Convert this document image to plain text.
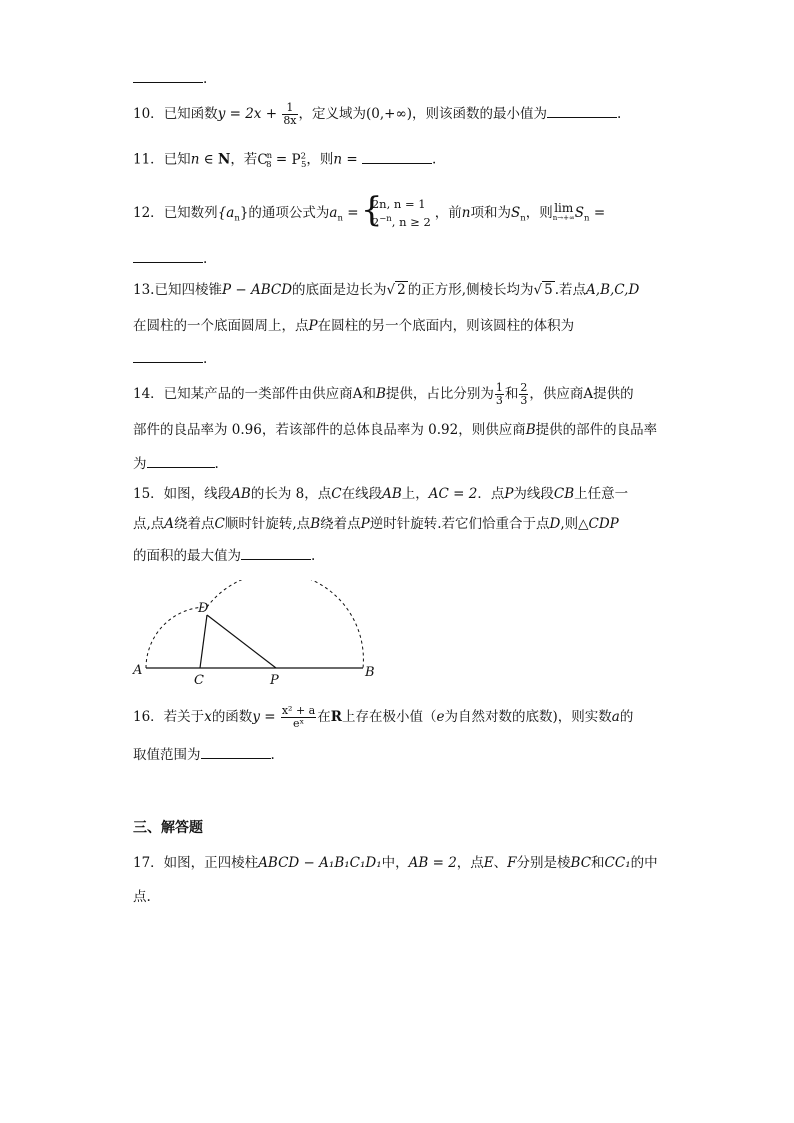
.
10．已知函数$y = 2x + \frac{1}{8x}$ ，定义域为(0,+∞)，则该函数的最小值为	.
11．已知n ∈ N，若$C^n_8 = P^2_5$，则n =	.
12．已知数列$\{a_n\}$的通项公式为$a_n$ =
{ 2n, n = 1
$2^{-n}$, n ≥ 2
，前n项和为$S_n$，则 lim
n→+∞ $S_n$ =
.
13.已知四棱锥P − ABCD的底面是边长为√ 2 的正方形,侧棱长均为√ 5 .若点A,B,C,D
在圆柱的一个底面圆周上，点P在圆柱的另一个底面内，则该圆柱的体积为
.
14．已知某产品的一类部件由供应商A和B提供，占比分别为 $\frac{1}{3}$ 和 $\frac{2}{3}$ ，供应商A提供的
部件的良品率为 0.96，若该部件的总体良品率为 0.92，则供应商B提供的部件的良品率
为	.
15．如图，线段AB的长为 8，点C在线段AB上，AC = 2．点P为线段CB上任意一
点,点A绕着点C顺时针旋转,点B绕着点P逆时针旋转.若它们恰重合于点D,则△CDP
的面积的最大值为	.
A	B
C	P
D
16．若关于x的函数$y = \frac{\text{x² + a}}{\text{eˣ}}$ 在R上存在极小值（e为自然对数的底数)，则实数a的
取值范围为	.
三、解答题
17．如图，正四棱柱ABCD − A₁B₁C₁D₁中，AB = 2，点E、F分别是棱BC和CC₁的中
点.
